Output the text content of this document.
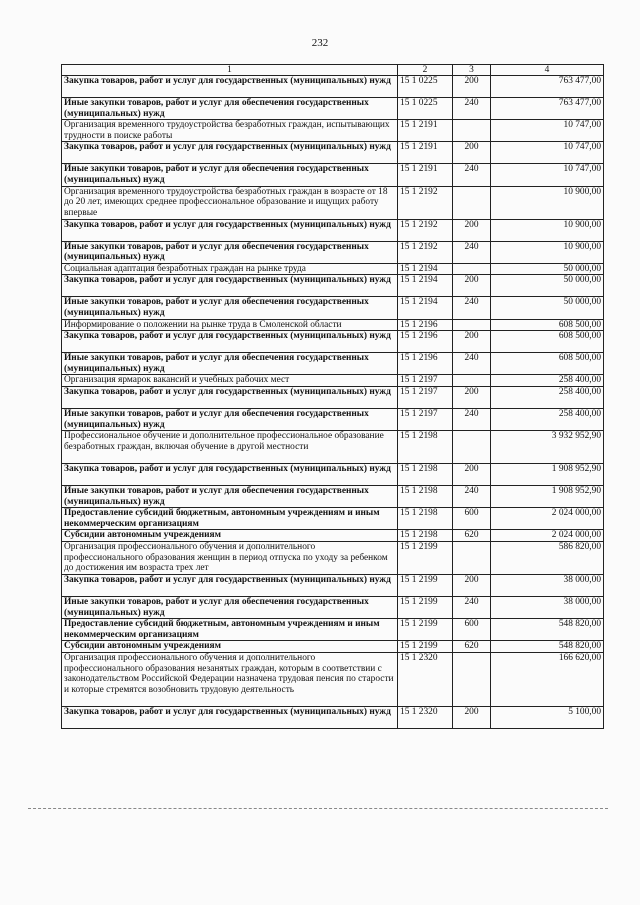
232
1	2	3	4
Закупка товаров, работ и услуг для государственных (муниципальных) нужд	15 1 0225	200	763 477,00
Иные закупки товаров, работ и услуг для обеспечения государственных (муниципальных) нужд	15 1 0225	240	763 477,00
Организация временного трудоустройства безработных граждан, испытывающих трудности в поиске работы	15 1 2191		10 747,00
Закупка товаров, работ и услуг для государственных (муниципальных) нужд	15 1 2191	200	10 747,00
Иные закупки товаров, работ и услуг для обеспечения государственных (муниципальных) нужд	15 1 2191	240	10 747,00
Организация временного трудоустройства безработных граждан в возрасте от 18 до 20 лет, имеющих среднее профессиональное образование и ищущих работу впервые	15 1 2192		10 900,00
Закупка товаров, работ и услуг для государственных (муниципальных) нужд	15 1 2192	200	10 900,00
Иные закупки товаров, работ и услуг для обеспечения государственных (муниципальных) нужд	15 1 2192	240	10 900,00
Социальная адаптация безработных граждан на рынке труда	15 1 2194		50 000,00
Закупка товаров, работ и услуг для государственных (муниципальных) нужд	15 1 2194	200	50 000,00
Иные закупки товаров, работ и услуг для обеспечения государственных (муниципальных) нужд	15 1 2194	240	50 000,00
Информирование о положении на рынке труда в Смоленской области	15 1 2196		608 500,00
Закупка товаров, работ и услуг для государственных (муниципальных) нужд	15 1 2196	200	608 500,00
Иные закупки товаров, работ и услуг для обеспечения государственных (муниципальных) нужд	15 1 2196	240	608 500,00
Организация ярмарок вакансий и учебных рабочих мест	15 1 2197		258 400,00
Закупка товаров, работ и услуг для государственных (муниципальных) нужд	15 1 2197	200	258 400,00
Иные закупки товаров, работ и услуг для обеспечения государственных (муниципальных) нужд	15 1 2197	240	258 400,00
Профессиональное обучение и дополнительное профессиональное образование безработных граждан, включая обучение в другой местности	15 1 2198		3 932 952,90
Закупка товаров, работ и услуг для государственных (муниципальных) нужд	15 1 2198	200	1 908 952,90
Иные закупки товаров, работ и услуг для обеспечения государственных (муниципальных) нужд	15 1 2198	240	1 908 952,90
Предоставление субсидий бюджетным, автономным учреждениям и иным некоммерческим организациям	15 1 2198	600	2 024 000,00
Субсидии автономным учреждениям	15 1 2198	620	2 024 000,00
Организация профессионального обучения и дополнительного профессионального образования женщин в период отпуска по уходу за ребенком до достижения им возраста трех лет	15 1 2199		586 820,00
Закупка товаров, работ и услуг для государственных (муниципальных) нужд	15 1 2199	200	38 000,00
Иные закупки товаров, работ и услуг для обеспечения государственных (муниципальных) нужд	15 1 2199	240	38 000,00
Предоставление субсидий бюджетным, автономным учреждениям и иным некоммерческим организациям	15 1 2199	600	548 820,00
Субсидии автономным учреждениям	15 1 2199	620	548 820,00
Организация профессионального обучения и дополнительного профессионального образования незанятых граждан, которым в соответствии с законодательством Российской Федерации назначена трудовая пенсия по старости и которые стремятся возобновить трудовую деятельность	15 1 2320		166 620,00
Закупка товаров, работ и услуг для государственных (муниципальных) нужд	15 1 2320	200	5 100,00
